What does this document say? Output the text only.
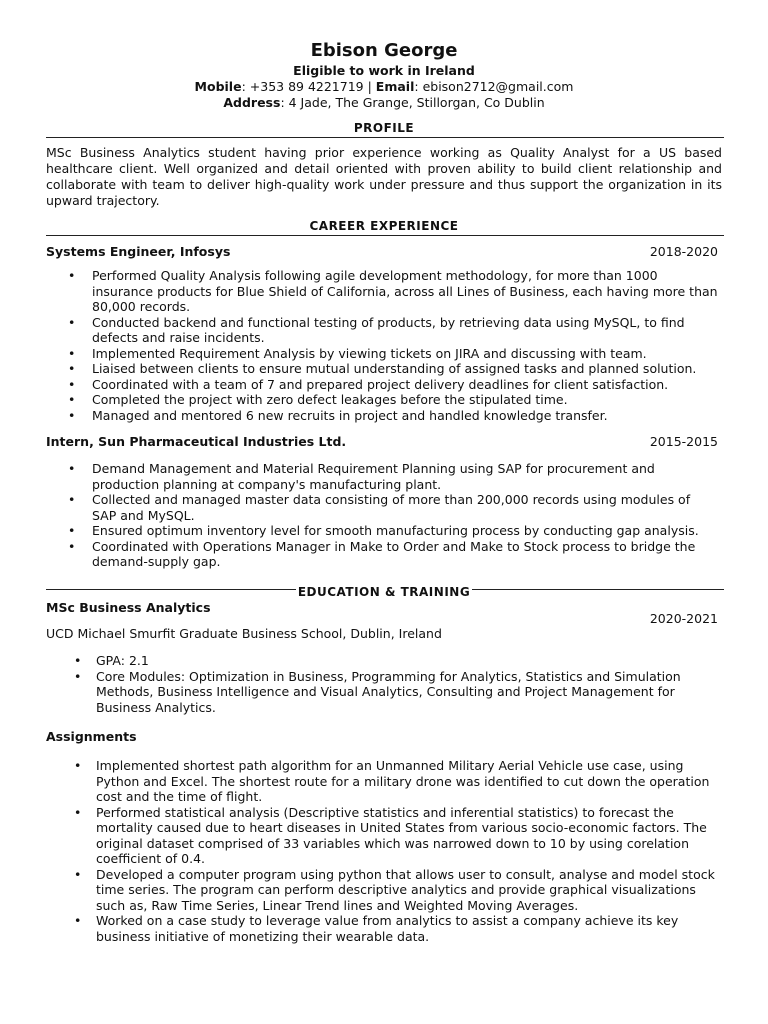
Ebison George
Eligible to work in Ireland
Mobile: +353 89 4221719 | Email: ebison2712@gmail.com
Address: 4 Jade, The Grange, Stillorgan, Co Dublin
PROFILE
MSc Business Analytics student having prior experience working as Quality Analyst for a US based healthcare client. Well organized and detail oriented with proven ability to build client relationship and collaborate with team to deliver high-quality work under pressure and thus support the organization in its upward trajectory.
CAREER EXPERIENCE
Systems Engineer, Infosys	2018-2020
• Performed Quality Analysis following agile development methodology, for more than 1000 insurance products for Blue Shield of California, across all Lines of Business, each having more than 80,000 records.
• Conducted backend and functional testing of products, by retrieving data using MySQL, to find defects and raise incidents.
• Implemented Requirement Analysis by viewing tickets on JIRA and discussing with team.
• Liaised between clients to ensure mutual understanding of assigned tasks and planned solution.
• Coordinated with a team of 7 and prepared project delivery deadlines for client satisfaction.
• Completed the project with zero defect leakages before the stipulated time.
• Managed and mentored 6 new recruits in project and handled knowledge transfer.
Intern, Sun Pharmaceutical Industries Ltd.	2015-2015
• Demand Management and Material Requirement Planning using SAP for procurement and production planning at company's manufacturing plant.
• Collected and managed master data consisting of more than 200,000 records using modules of SAP and MySQL.
• Ensured optimum inventory level for smooth manufacturing process by conducting gap analysis.
• Coordinated with Operations Manager in Make to Order and Make to Stock process to bridge the demand-supply gap.
EDUCATION & TRAINING
MSc Business Analytics
2020-2021
UCD Michael Smurfit Graduate Business School, Dublin, Ireland
• GPA: 2.1
• Core Modules: Optimization in Business, Programming for Analytics, Statistics and Simulation Methods, Business Intelligence and Visual Analytics, Consulting and Project Management for Business Analytics.
Assignments
• Implemented shortest path algorithm for an Unmanned Military Aerial Vehicle use case, using Python and Excel. The shortest route for a military drone was identified to cut down the operation cost and the time of flight.
• Performed statistical analysis (Descriptive statistics and inferential statistics) to forecast the mortality caused due to heart diseases in United States from various socio-economic factors. The original dataset comprised of 33 variables which was narrowed down to 10 by using corelation coefficient of 0.4.
• Developed a computer program using python that allows user to consult, analyse and model stock time series. The program can perform descriptive analytics and provide graphical visualizations such as, Raw Time Series, Linear Trend lines and Weighted Moving Averages.
• Worked on a case study to leverage value from analytics to assist a company achieve its key business initiative of monetizing their wearable data.
